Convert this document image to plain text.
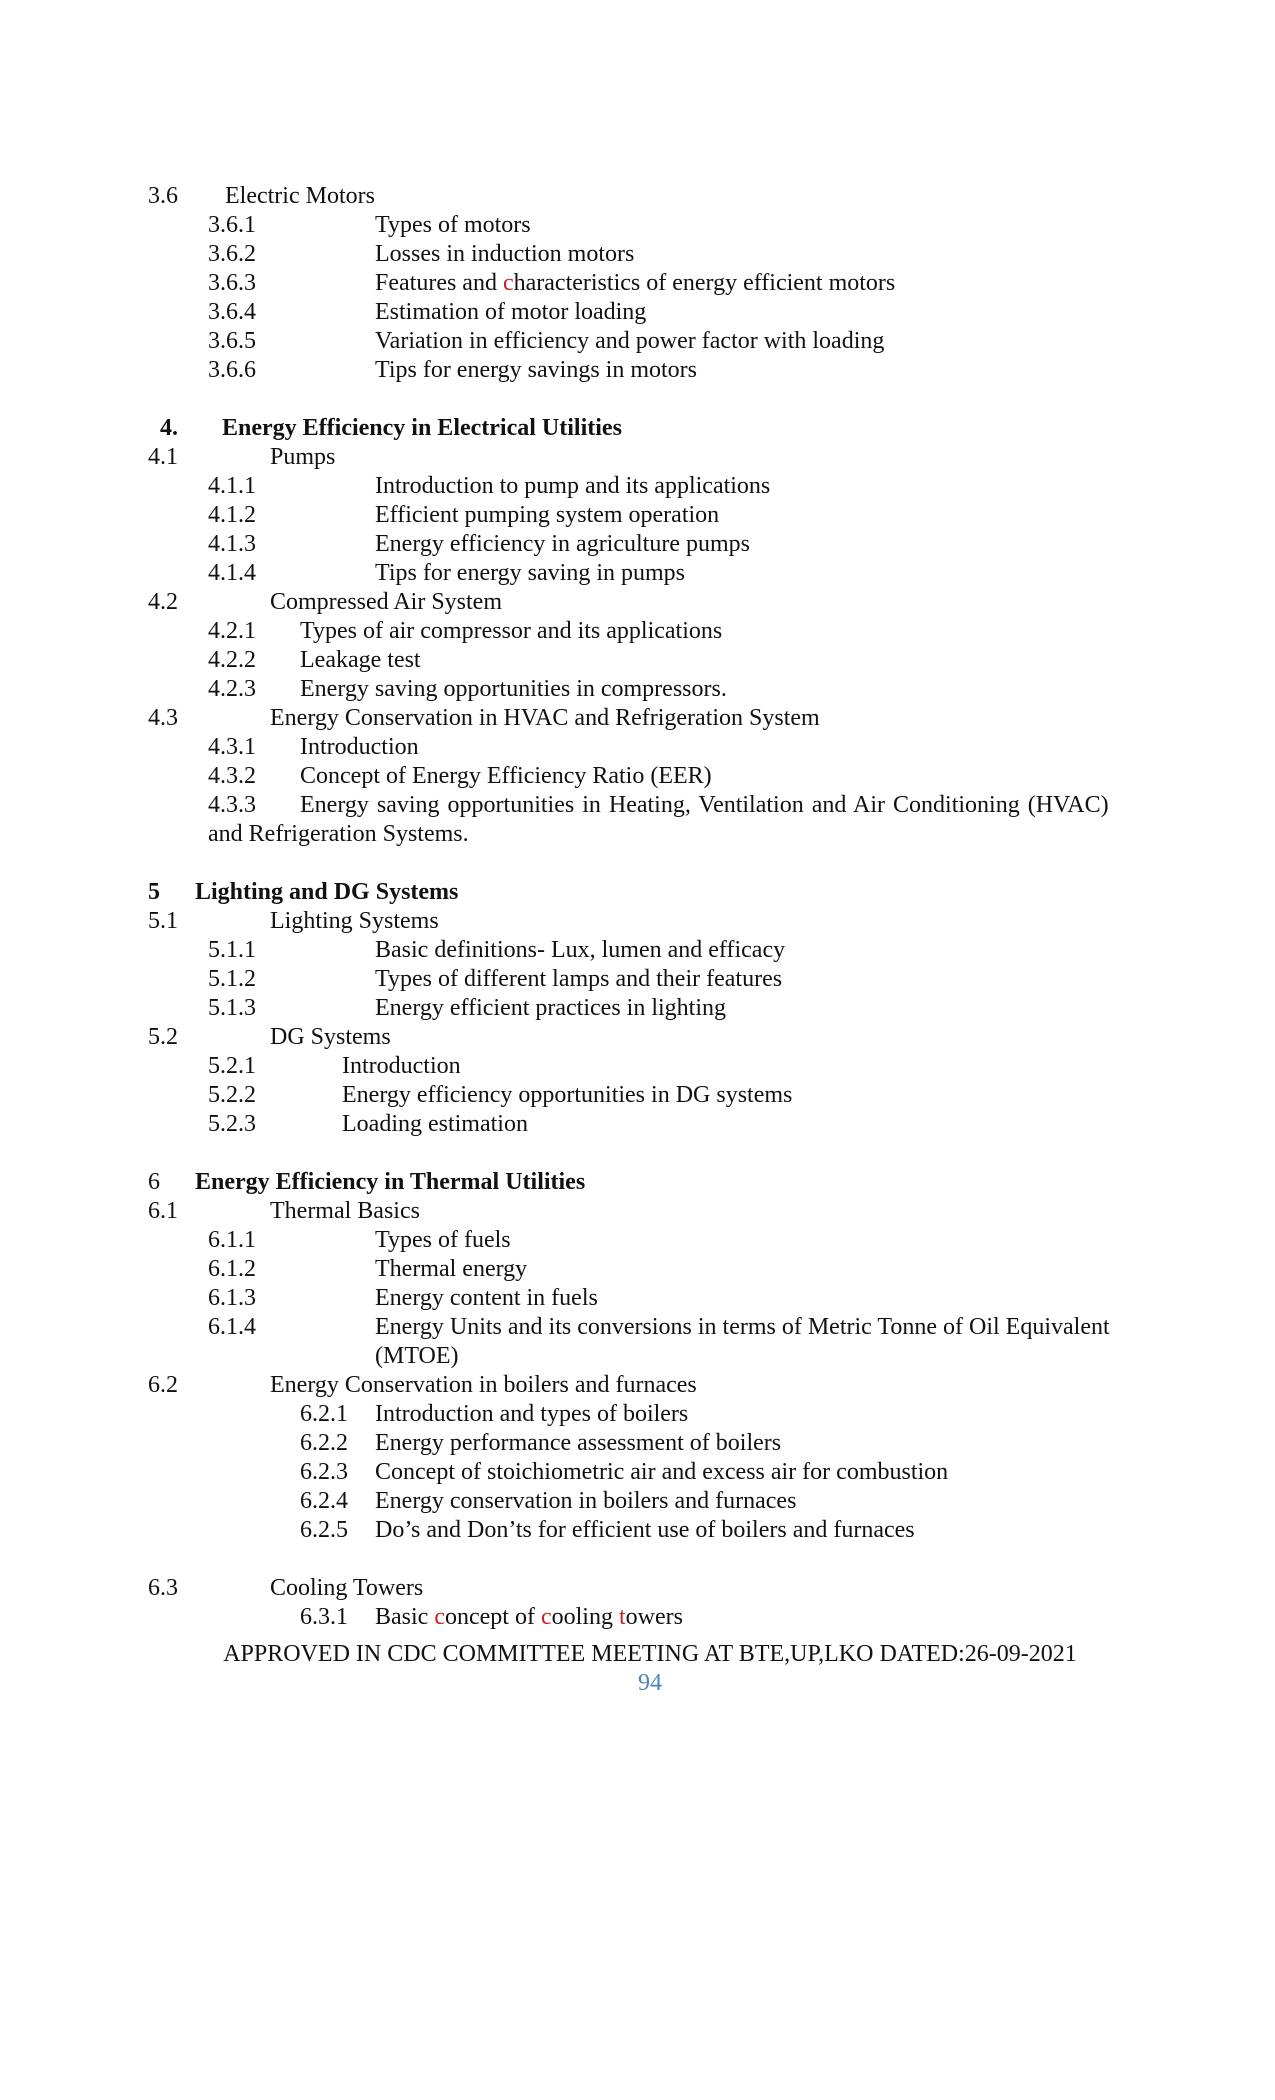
3.6 Electric Motors
3.6.1	Types of motors
3.6.2	Losses in induction motors
3.6.3	Features and characteristics of energy efficient motors
3.6.4	Estimation of motor loading
3.6.5	Variation in efficiency and power factor with loading
3.6.6	Tips for energy savings in motors
4. Energy Efficiency in Electrical Utilities
4.1	Pumps
4.1.1	Introduction to pump and its applications
4.1.2	Efficient pumping system operation
4.1.3	Energy efficiency in agriculture pumps
4.1.4	Tips for energy saving in pumps
4.2	Compressed Air System
4.2.1 Types of air compressor and its applications
4.2.2 Leakage test
4.2.3 Energy saving opportunities in compressors.
4.3	Energy Conservation in HVAC and Refrigeration System
4.3.1 Introduction
4.3.2 Concept of Energy Efficiency Ratio (EER)
4.3.3 Energy saving opportunities in Heating, Ventilation and Air Conditioning (HVAC)
and Refrigeration Systems.
5 Lighting and DG Systems
5.1	Lighting Systems
5.1.1	Basic definitions- Lux, lumen and efficacy
5.1.2	Types of different lamps and their features
5.1.3	Energy efficient practices in lighting
5.2	DG Systems
5.2.1	Introduction
5.2.2	Energy efficiency opportunities in DG systems
5.2.3	Loading estimation
6 Energy Efficiency in Thermal Utilities
6.1	Thermal Basics
6.1.1	Types of fuels
6.1.2	Thermal energy
6.1.3	Energy content in fuels
6.1.4	Energy Units and its conversions in terms of Metric Tonne of Oil Equivalent
(MTOE)
6.2	Energy Conservation in boilers and furnaces
6.2.1 Introduction and types of boilers
6.2.2 Energy performance assessment of boilers
6.2.3 Concept of stoichiometric air and excess air for combustion
6.2.4 Energy conservation in boilers and furnaces
6.2.5 Do’s and Don’ts for efficient use of boilers and furnaces
6.3	Cooling Towers
6.3.1 Basic concept of cooling towers
APPROVED IN CDC COMMITTEE MEETING AT BTE,UP,LKO DATED:26-09-2021
94
